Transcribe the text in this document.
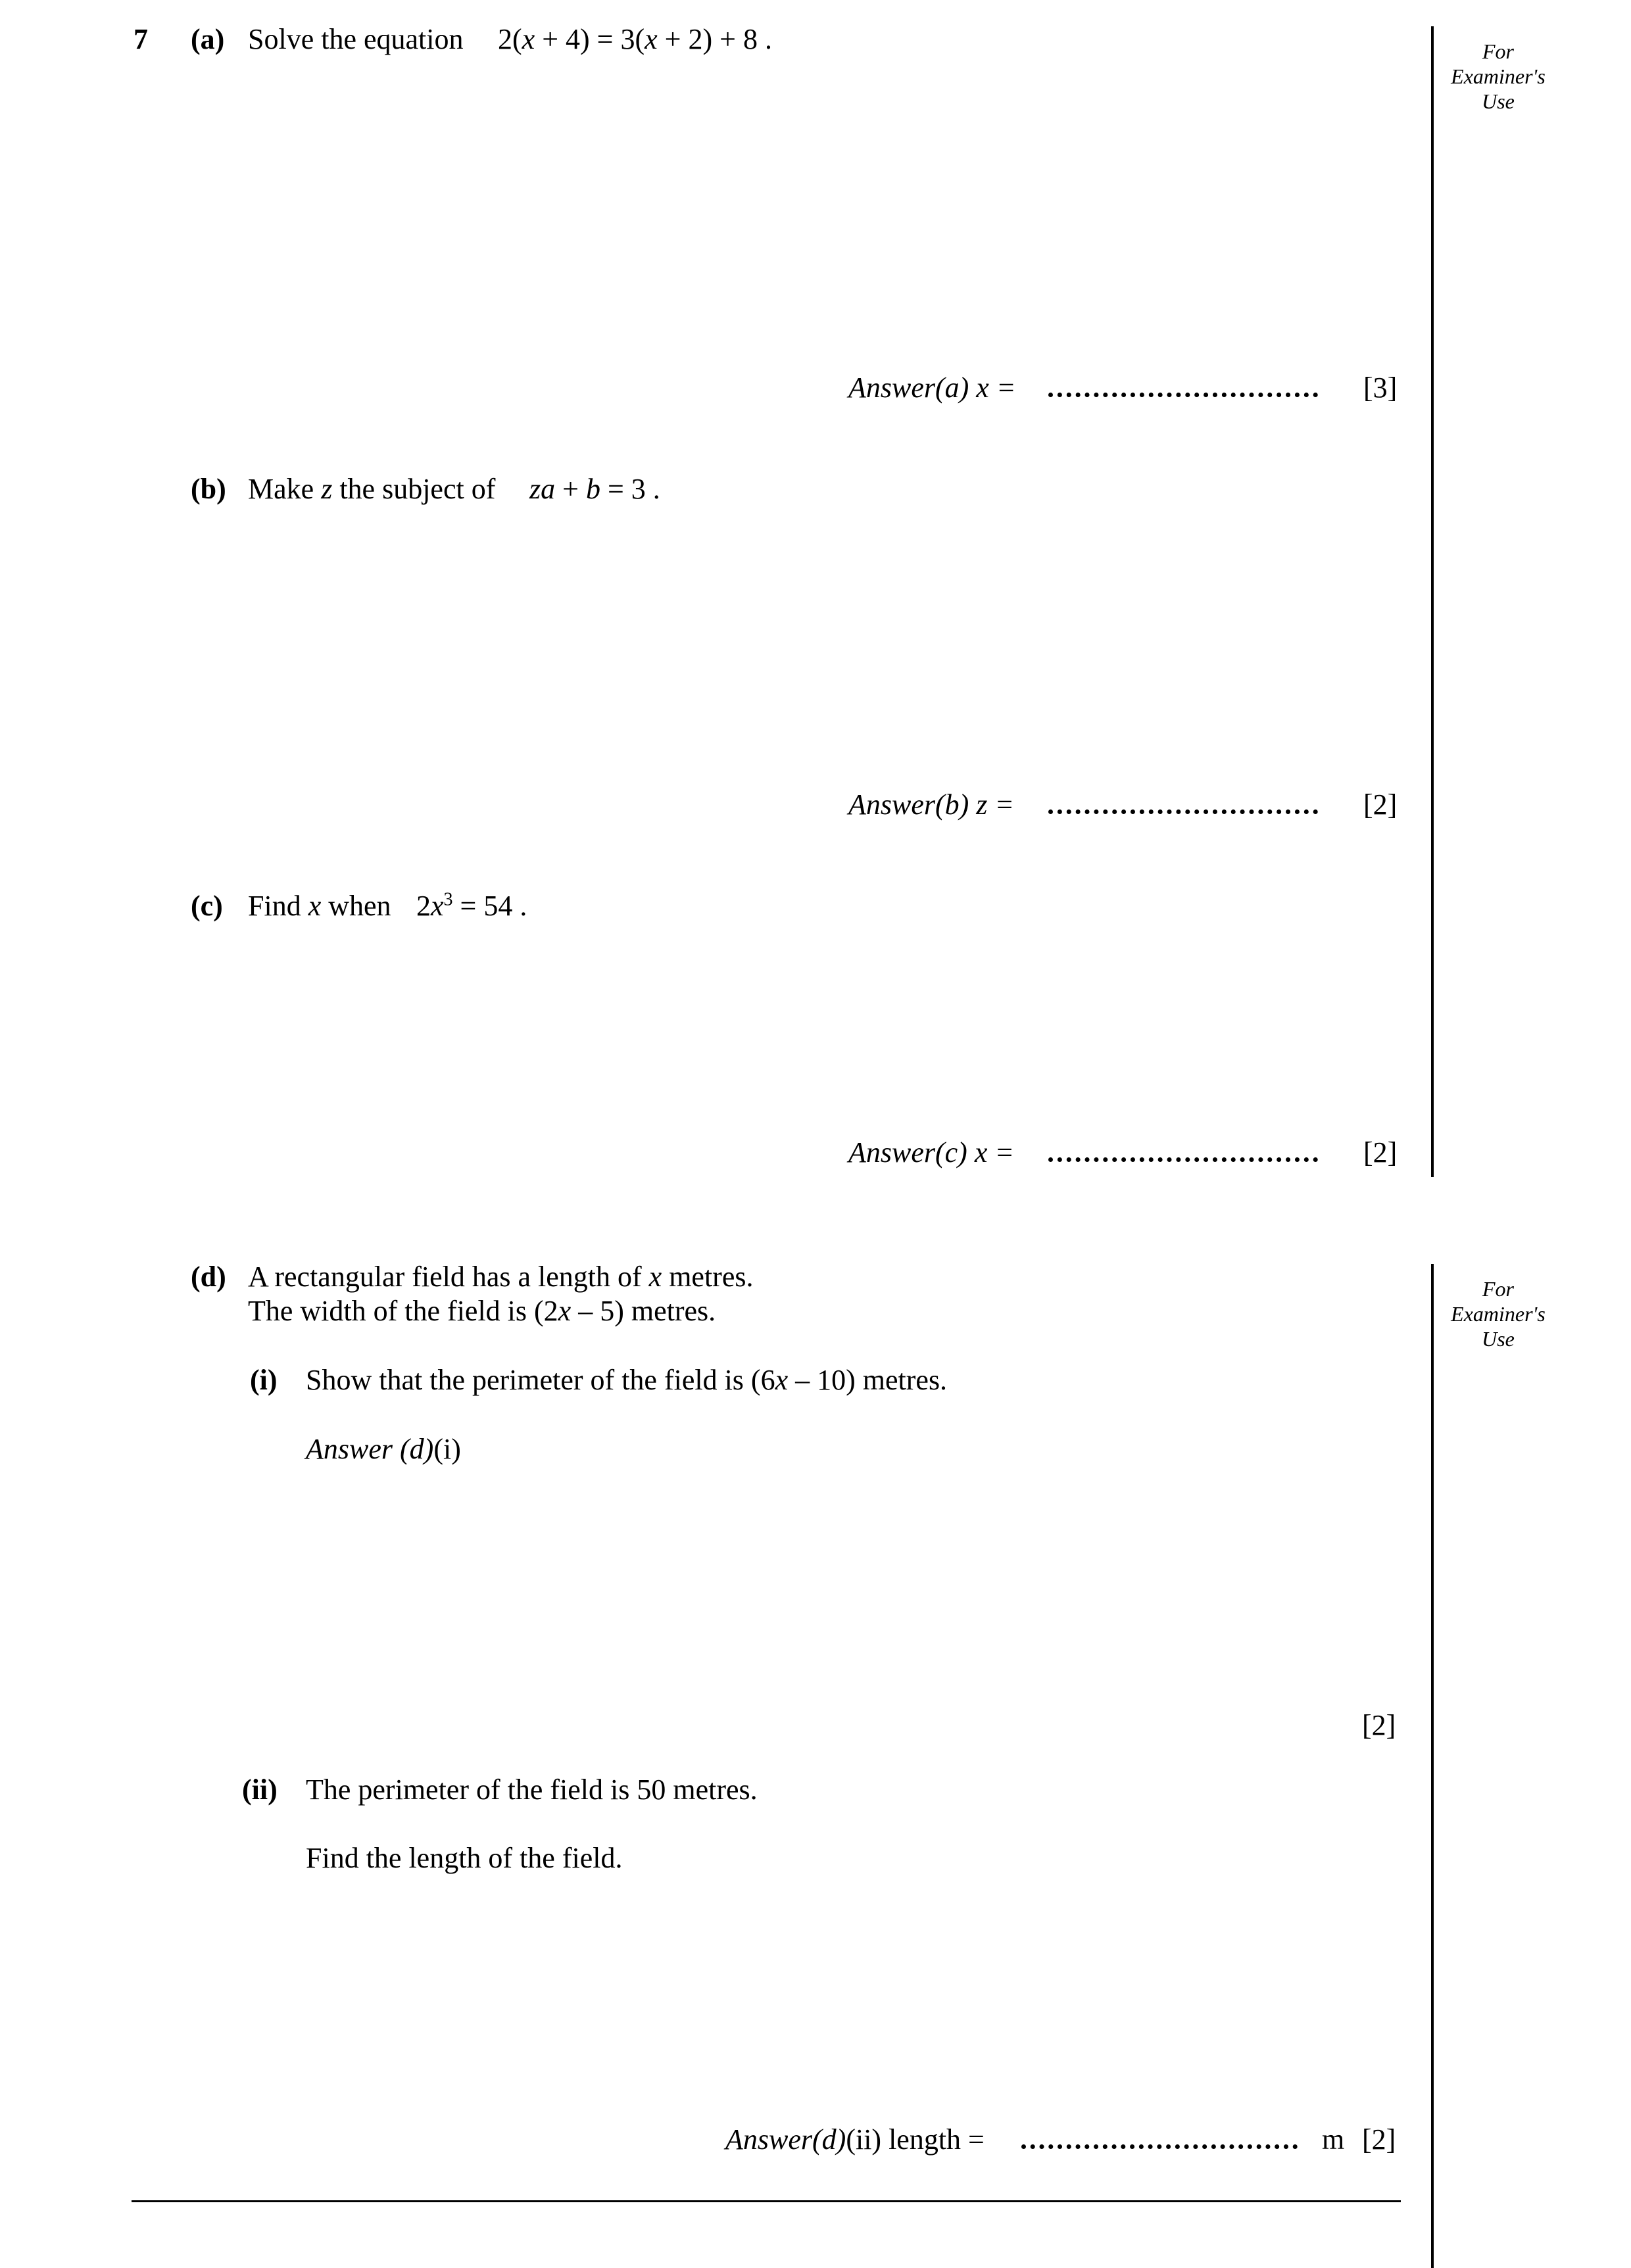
7 (a) Solve the equation 2(x + 4) = 3(x + 2) + 8 .
Answer(a) x =	[3]
(b) Make z the subject of za + b = 3 .
Answer(b) z =	[2]
(c) Find x when $2x^3 = 54$ .
Answer(c) x =	[2]
(d) A rectangular field has a length of x metres.
The width of the field is (2x – 5) metres.
(i) Show that the perimeter of the field is (6x – 10) metres.
Answer (d)(i)
[2]
(ii) The perimeter of the field is 50 metres.
Find the length of the field.
Answer(d)(ii) length =	m [2]
For
Examiner's
Use
For
Examiner's
Use
